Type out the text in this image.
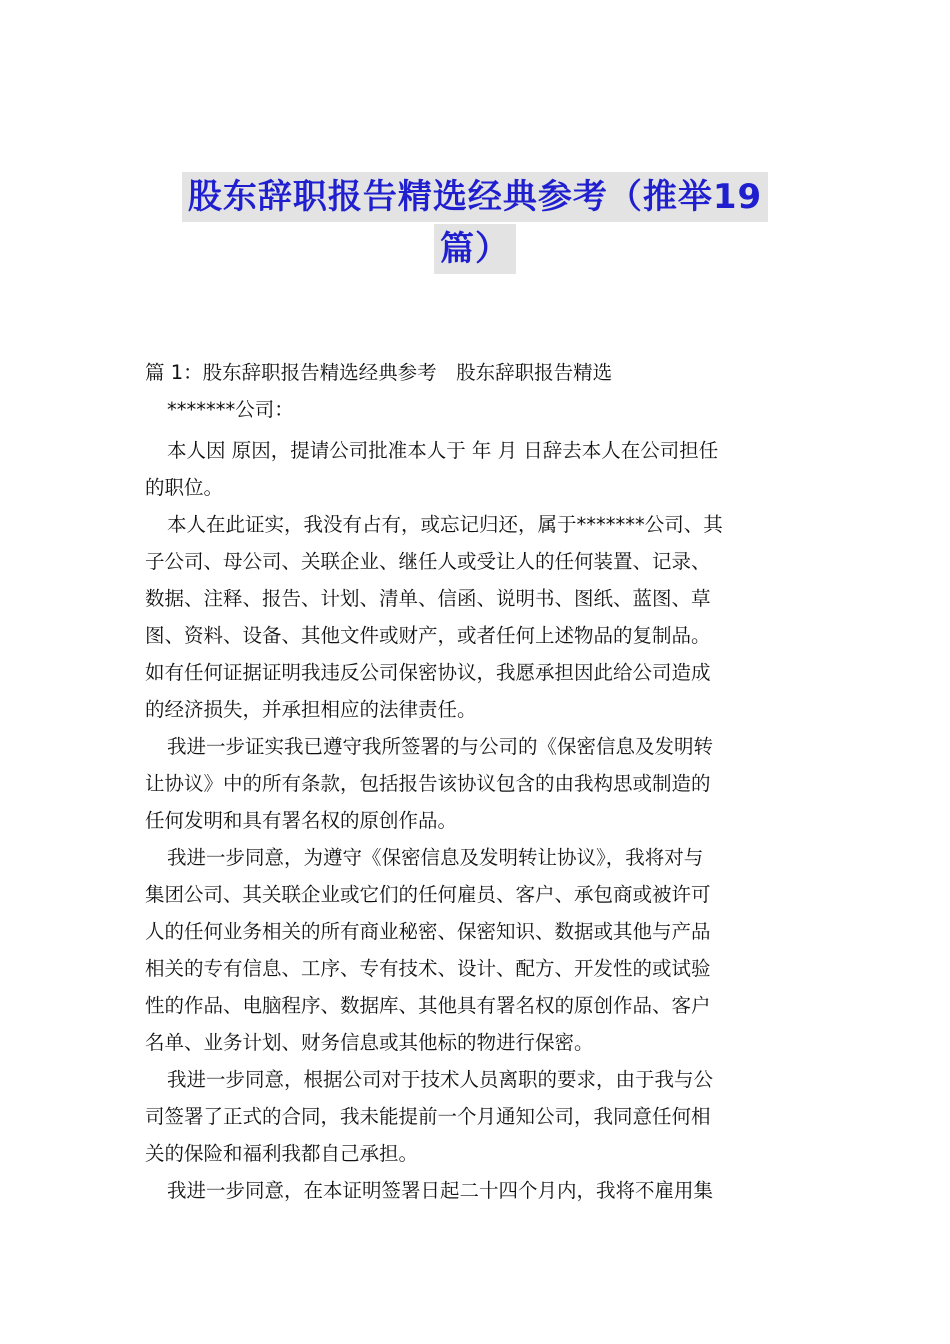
股东辞职报告精选经典参考（推举19
篇）
篇 1：股东辞职报告精选经典参考　股东辞职报告精选
*******公司：
本人因 原因，提请公司批准本人于 年 月 日辞去本人在公司担任
的职位。
本人在此证实，我没有占有，或忘记归还，属于*******公司、其
子公司、母公司、关联企业、继任人或受让人的任何装置、记录、
数据、注释、报告、计划、清单、信函、说明书、图纸、蓝图、草
图、资料、设备、其他文件或财产，或者任何上述物品的复制品。
如有任何证据证明我违反公司保密协议，我愿承担因此给公司造成
的经济损失，并承担相应的法律责任。
我进一步证实我已遵守我所签署的与公司的《保密信息及发明转
让协议》中的所有条款，包括报告该协议包含的由我构思或制造的
任何发明和具有署名权的原创作品。
我进一步同意，为遵守《保密信息及发明转让协议》，我将对与
集团公司、其关联企业或它们的任何雇员、客户、承包商或被许可
人的任何业务相关的所有商业秘密、保密知识、数据或其他与产品
相关的专有信息、工序、专有技术、设计、配方、开发性的或试验
性的作品、电脑程序、数据库、其他具有署名权的原创作品、客户
名单、业务计划、财务信息或其他标的物进行保密。
我进一步同意，根据公司对于技术人员离职的要求，由于我与公
司签署了正式的合同，我未能提前一个月通知公司，我同意任何相
关的保险和福利我都自己承担。
我进一步同意，在本证明签署日起二十四个月内，我将不雇用集
